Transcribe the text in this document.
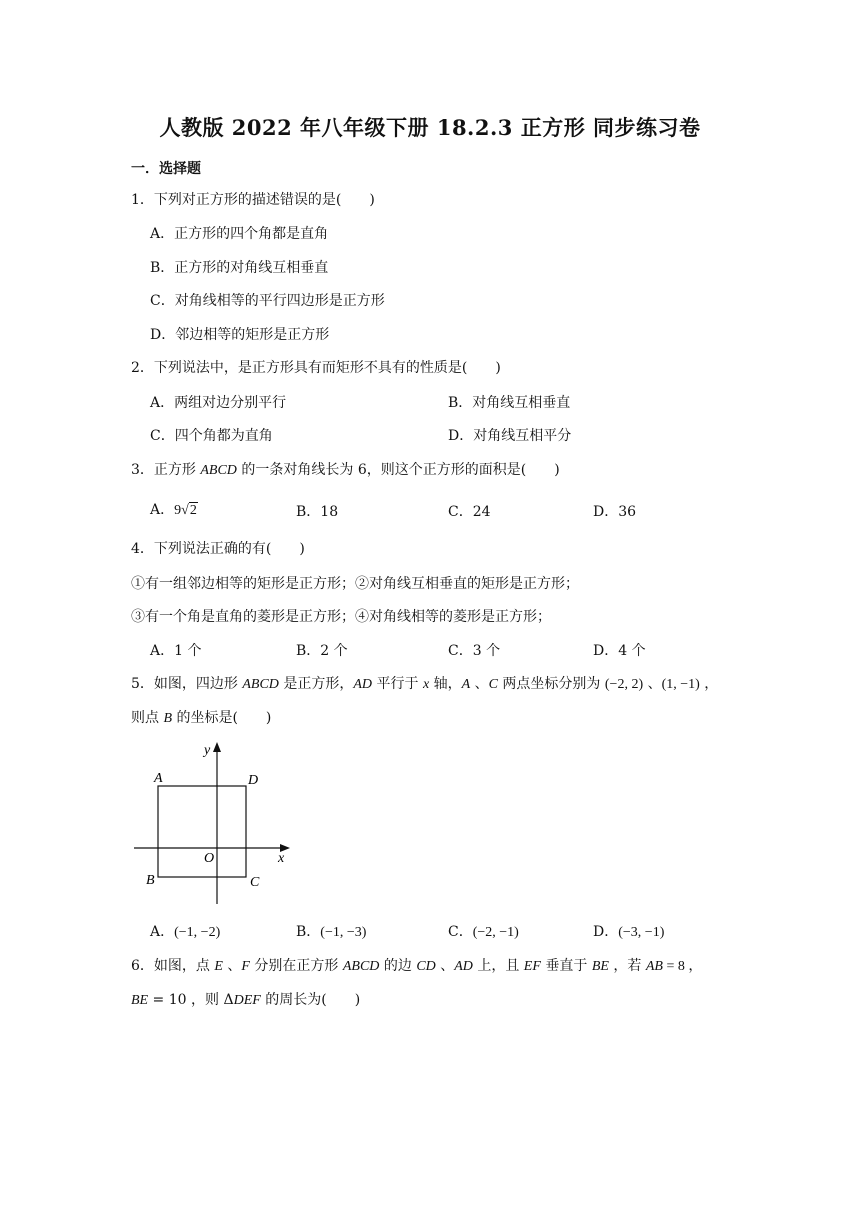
人教版 2022 年八年级下册 18.2.3 正方形 同步练习卷
一．选择题
1．下列对正方形的描述错误的是(　　)
A．正方形的四个角都是直角
B．正方形的对角线互相垂直
C．对角线相等的平行四边形是正方形
D．邻边相等的矩形是正方形
2．下列说法中，是正方形具有而矩形不具有的性质是(　　)
A．两组对边分别平行	B．对角线互相垂直
C．四个角都为直角	D．对角线互相平分
3．正方形 ABCD 的一条对角线长为 6，则这个正方形的面积是(　　)
A．9√2	B．18	C．24	D．36
4．下列说法正确的有(　　)
①有一组邻边相等的矩形是正方形；②对角线互相垂直的矩形是正方形；
③有一个角是直角的菱形是正方形；④对角线相等的菱形是正方形；
A．1 个	B．2 个	C．3 个	D．4 个
5．如图，四边形 ABCD 是正方形，AD 平行于 x 轴，A 、C 两点坐标分别为 (−2, 2) 、(1, −1) ，
则点 B 的坐标是(　　)
A	D
B	C
O	x
y
A．(−1, −2)	B．(−1, −3)	C．(−2, −1)	D．(−3, −1)
6．如图，点 E 、F 分别在正方形 ABCD 的边 CD 、AD 上，且 EF 垂直于 BE ，若 AB = 8 ，
BE = 10 ，则 ΔDEF 的周长为(　　)
